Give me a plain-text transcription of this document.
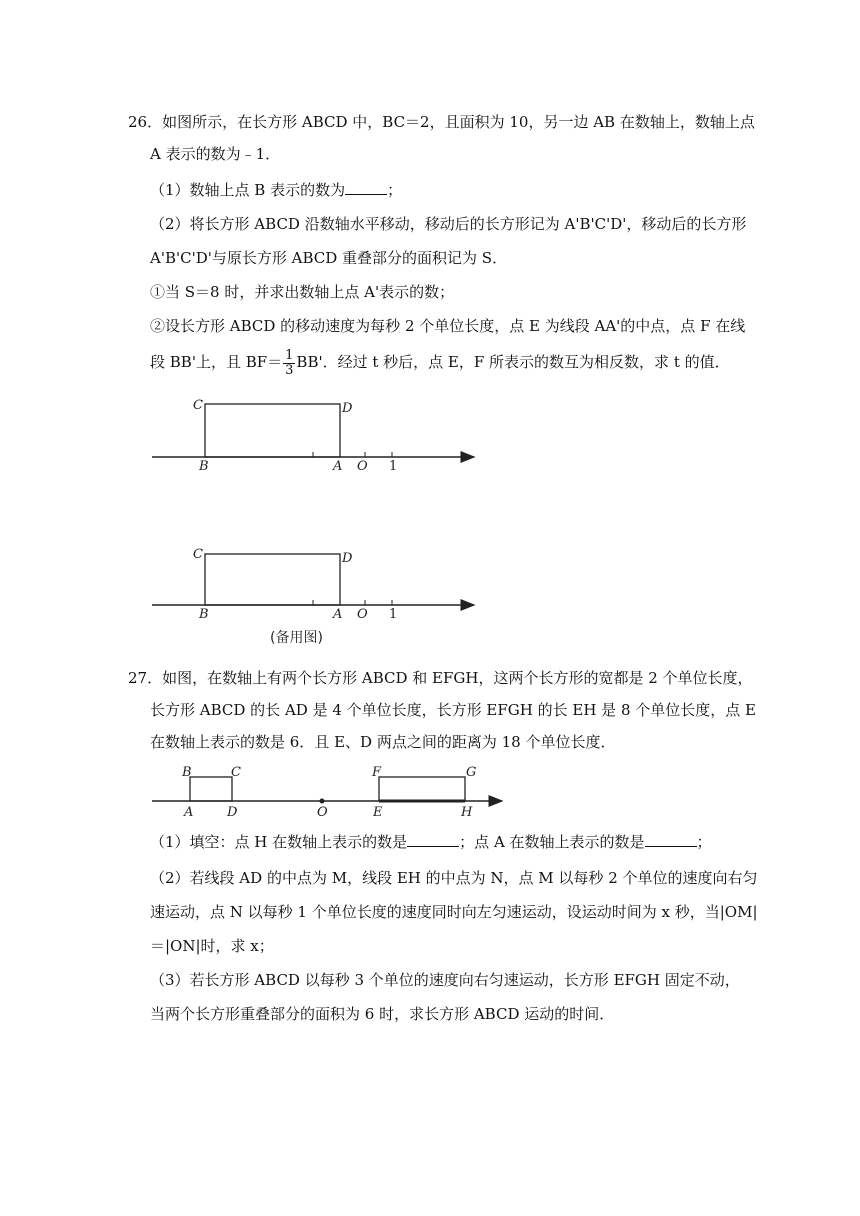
26．如图所示，在长方形 ABCD 中，BC＝2，且面积为 10，另一边 AB 在数轴上，数轴上点
A 表示的数为﹣1．
（1）数轴上点 B 表示的数为	；
（2）将长方形 ABCD 沿数轴水平移动，移动后的长方形记为 A'B'C'D'，移动后的长方形
A'B'C'D'与原长方形 ABCD 重叠部分的面积记为 S．
①当 S＝8 时，并求出数轴上点 A'表示的数；
②设长方形 ABCD 的移动速度为每秒 2 个单位长度，点 E 为线段 AA'的中点，点 F 在线
段 BB'上，且 $BF= \frac{1}{3} BB'$．经过 t 秒后，点 E，F 所表示的数互为相反数，求 t 的值．
C	D
B	A O 1
C	D
B	A O 1
(备用图)
B	C	F	G
A	D	O	E	H
27．如图，在数轴上有两个长方形 ABCD 和 EFGH，这两个长方形的宽都是 2 个单位长度，
长方形 ABCD 的长 AD 是 4 个单位长度，长方形 EFGH 的长 EH 是 8 个单位长度，点 E
在数轴上表示的数是 6．且 E、D 两点之间的距离为 18 个单位长度．
（1）填空：点 H 在数轴上表示的数是	；点 A 在数轴上表示的数是	；
（2）若线段 AD 的中点为 M，线段 EH 的中点为 N，点 M 以每秒 2 个单位的速度向右匀
速运动，点 N 以每秒 1 个单位长度的速度同时向左匀速运动，设运动时间为 x 秒，当|OM|
＝|ON|时，求 x；
（3）若长方形 ABCD 以每秒 3 个单位的速度向右匀速运动，长方形 EFGH 固定不动，
当两个长方形重叠部分的面积为 6 时，求长方形 ABCD 运动的时间．
